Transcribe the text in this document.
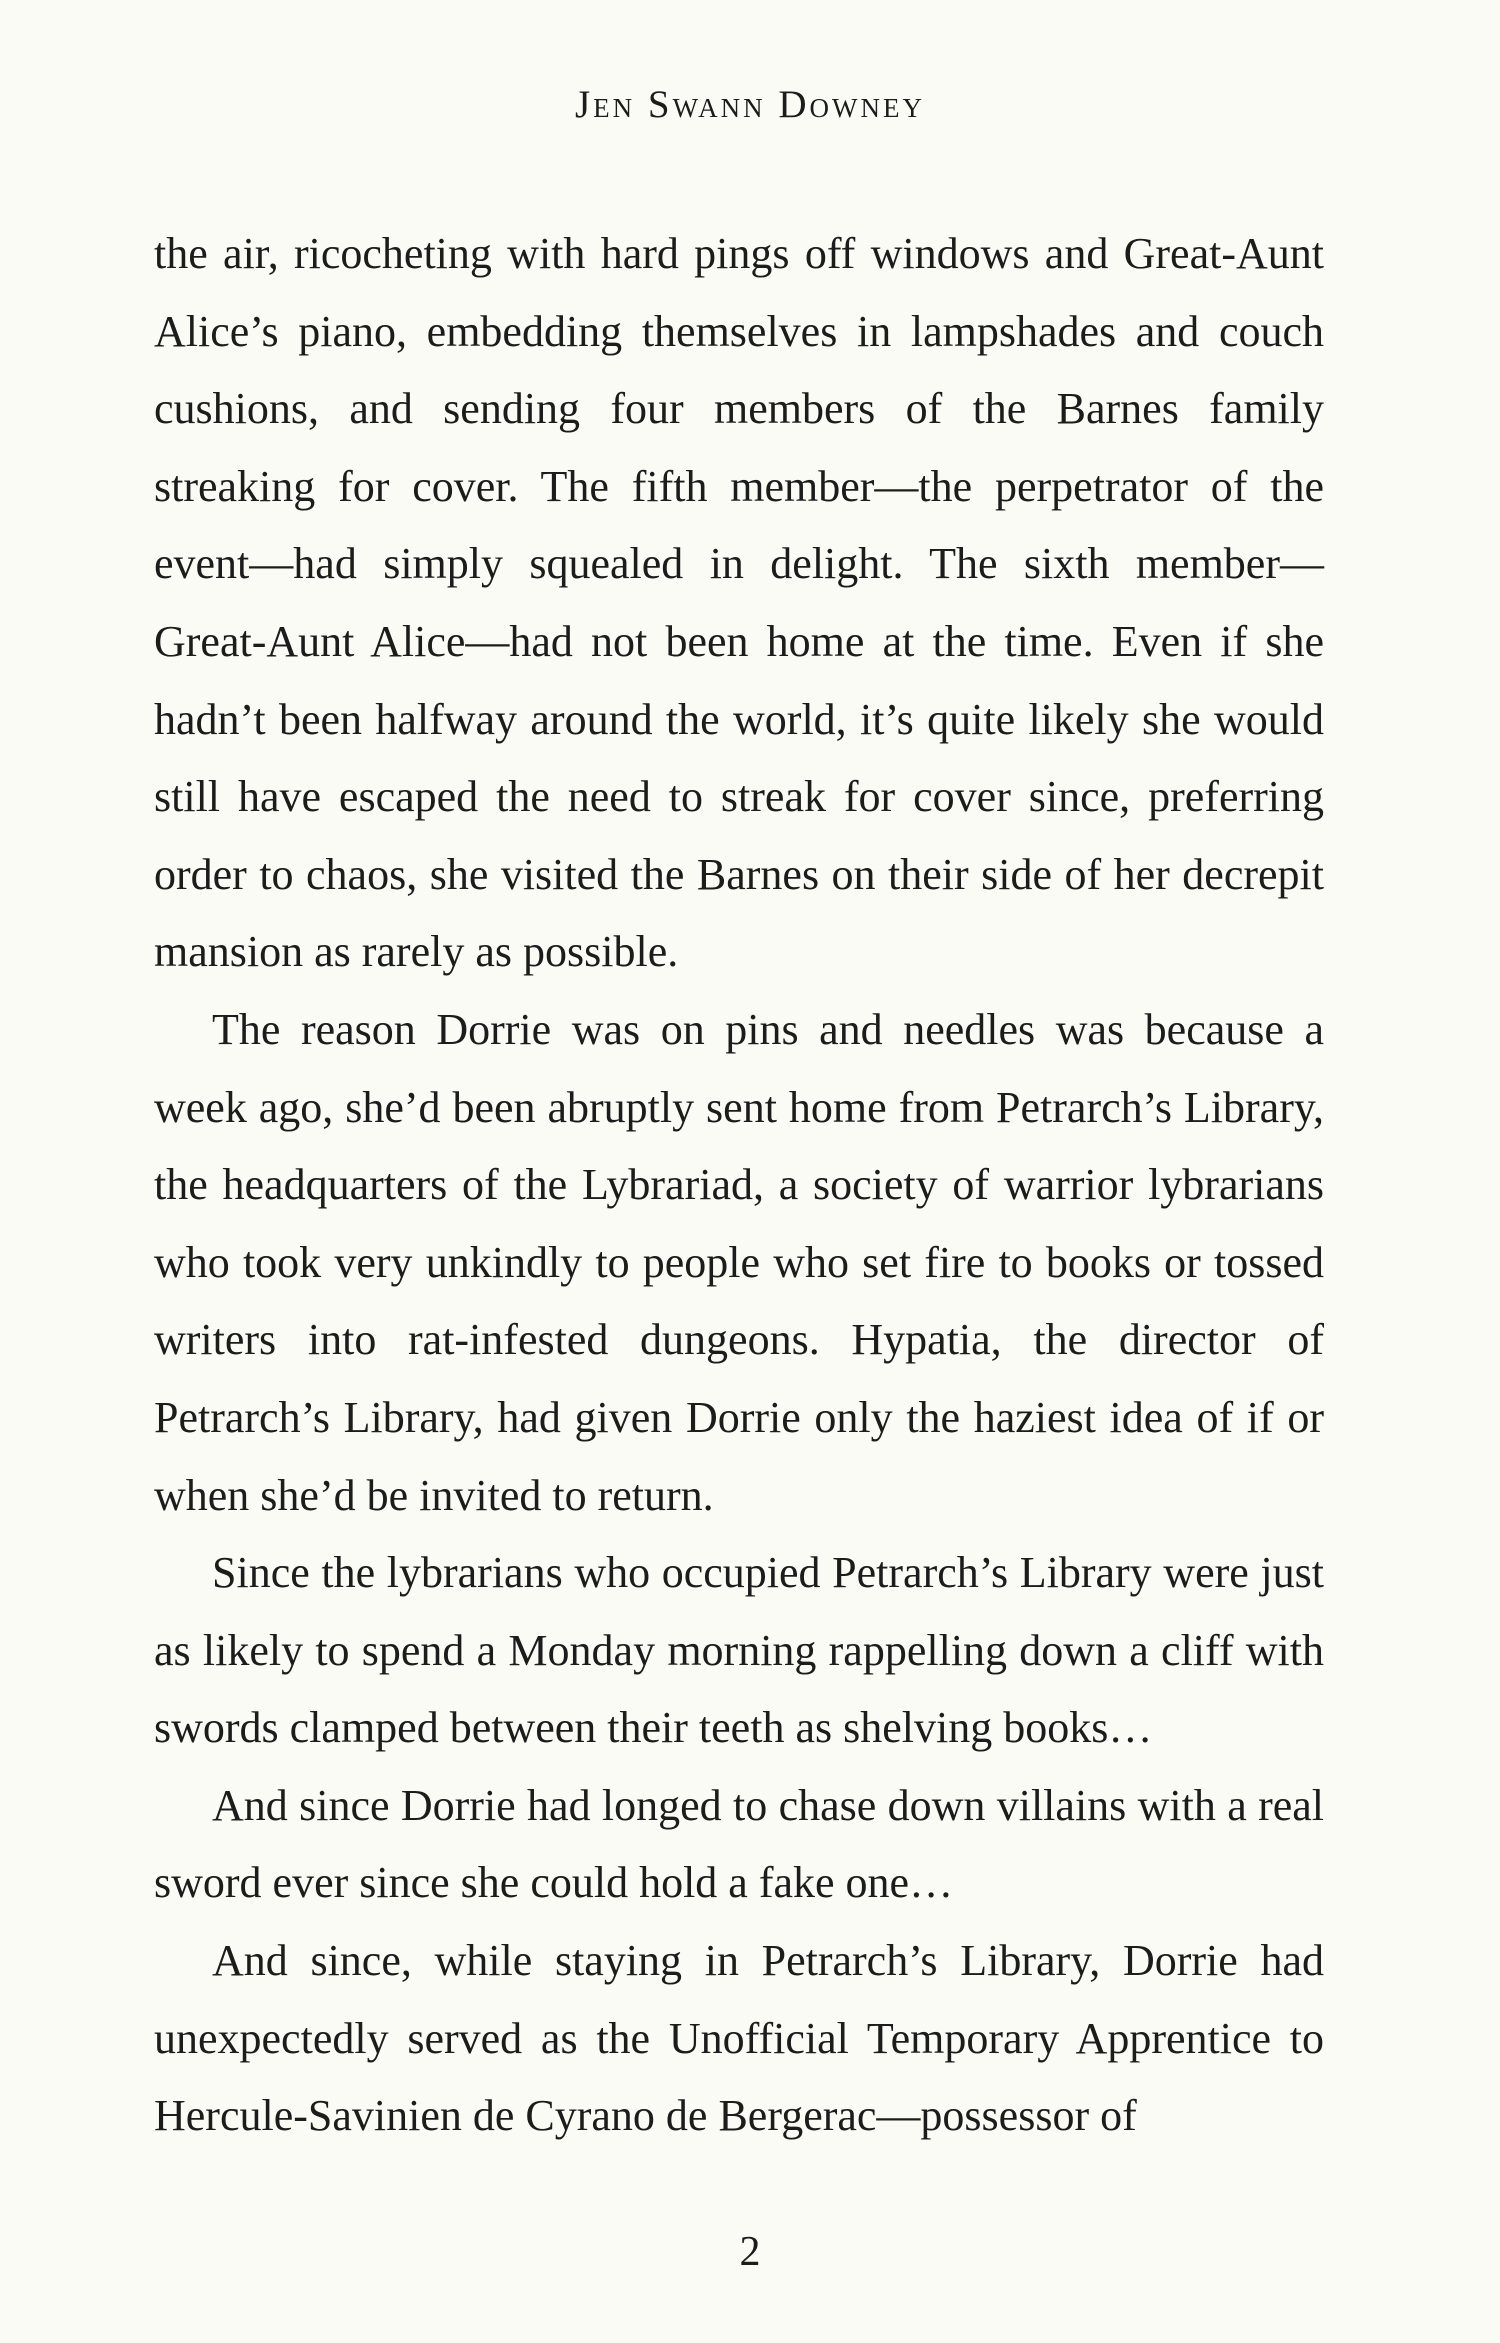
Jen Swann Downey

the air, ricocheting with hard pings off windows and Great-Aunt Alice’s piano, embedding themselves in lampshades and couch cushions, and sending four members of the Barnes family streaking for cover. The fifth member—the perpetrator of the event—had simply squealed in delight. The sixth member—Great-Aunt Alice—had not been home at the time. Even if she hadn’t been halfway around the world, it’s quite likely she would still have escaped the need to streak for cover since, preferring order to chaos, she visited the Barnes on their side of her decrepit mansion as rarely as possible.

The reason Dorrie was on pins and needles was because a week ago, she’d been abruptly sent home from Petrarch’s Library, the headquarters of the Lybrariad, a society of warrior lybrarians who took very unkindly to people who set fire to books or tossed writers into rat-infested dungeons. Hypatia, the director of Petrarch’s Library, had given Dorrie only the haziest idea of if or when she’d be invited to return.

Since the lybrarians who occupied Petrarch’s Library were just as likely to spend a Monday morning rappelling down a cliff with swords clamped between their teeth as shelving books…

And since Dorrie had longed to chase down villains with a real sword ever since she could hold a fake one…

And since, while staying in Petrarch’s Library, Dorrie had unexpectedly served as the Unofficial Temporary Apprentice to Hercule-Savinien de Cyrano de Bergerac—possessor of

2
